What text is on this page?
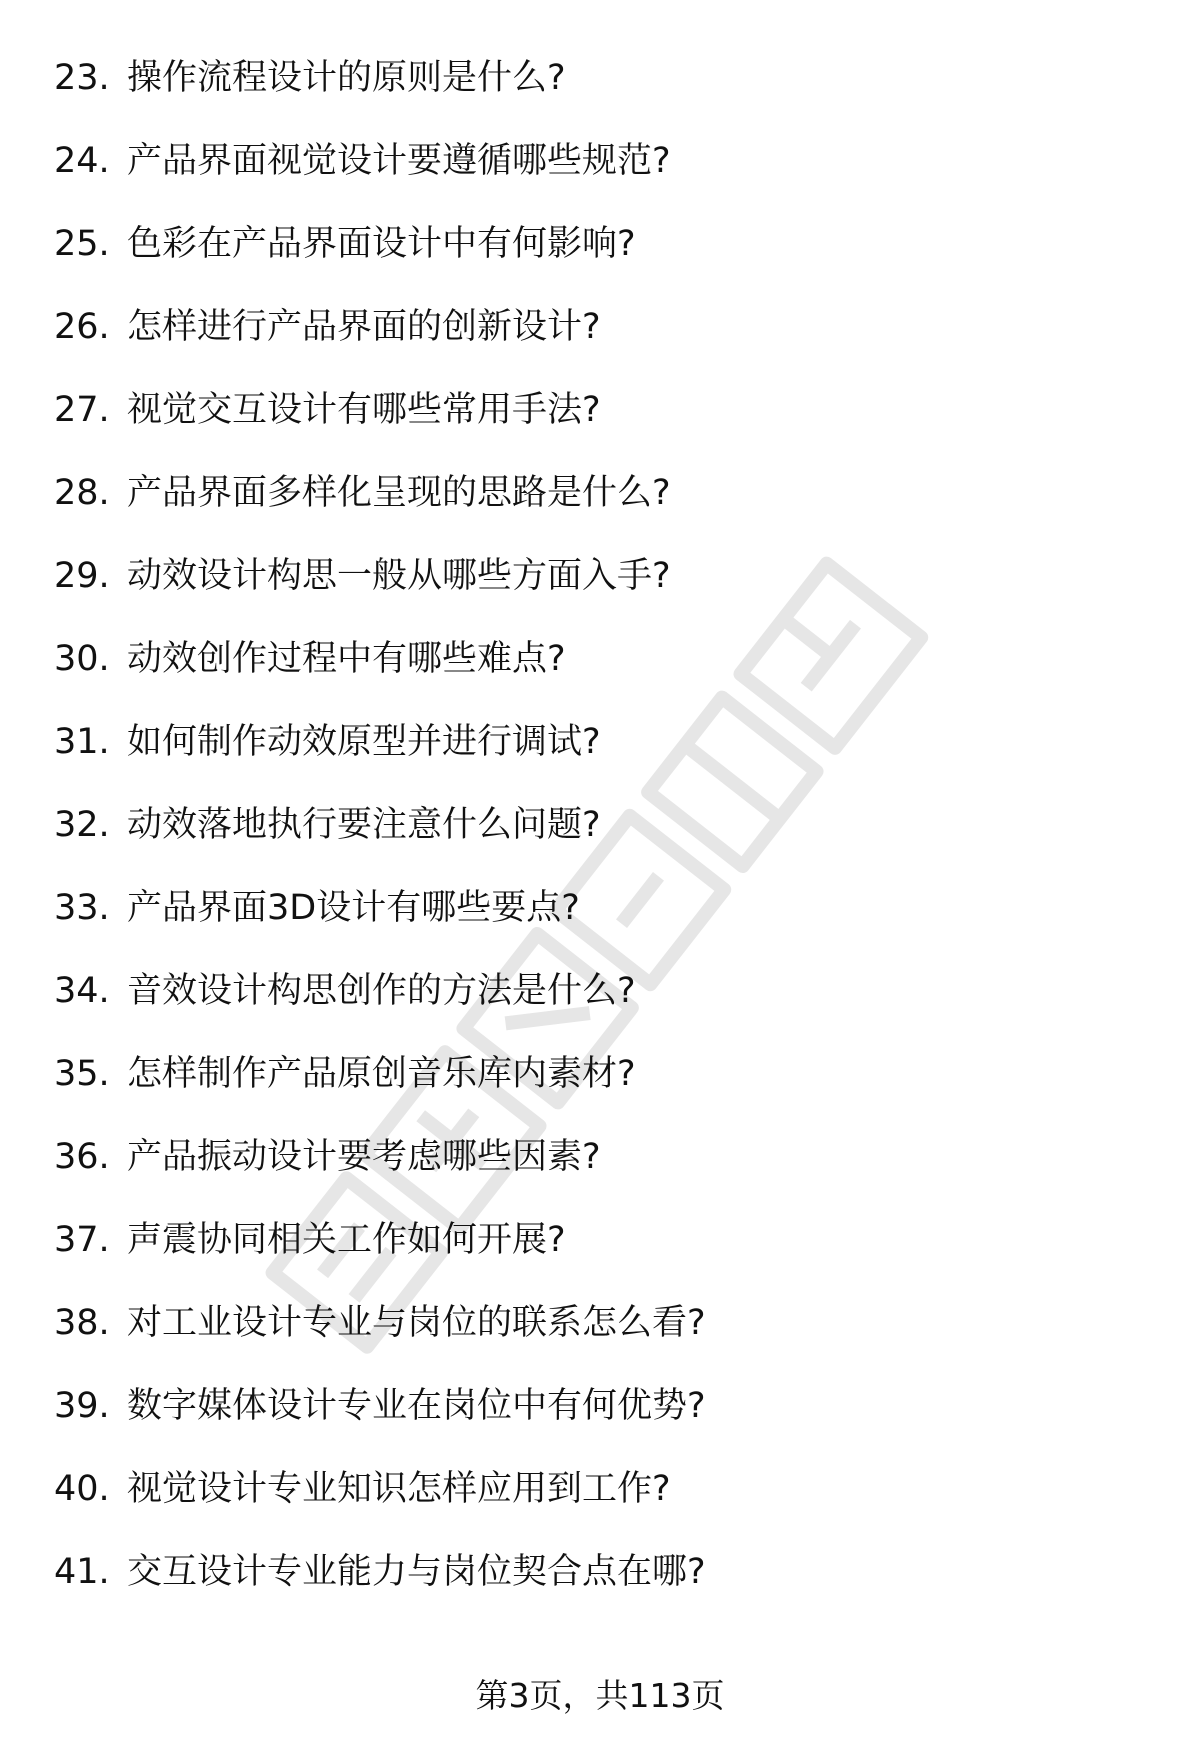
23. 操作流程设计的原则是什么?
24. 产品界面视觉设计要遵循哪些规范?
25. 色彩在产品界面设计中有何影响?
26. 怎样进行产品界面的创新设计?
27. 视觉交互设计有哪些常用手法?
28. 产品界面多样化呈现的思路是什么?
29. 动效设计构思一般从哪些方面入手?
30. 动效创作过程中有哪些难点?
31. 如何制作动效原型并进行调试?
32. 动效落地执行要注意什么问题?
33. 产品界面3D设计有哪些要点?
34. 音效设计构思创作的方法是什么?
35. 怎样制作产品原创音乐库内素材?
36. 产品振动设计要考虑哪些因素?
37. 声震协同相关工作如何开展?
38. 对工业设计专业与岗位的联系怎么看?
39. 数字媒体设计专业在岗位中有何优势?
40. 视觉设计专业知识怎样应用到工作?
41. 交互设计专业能力与岗位契合点在哪?
第3页，共113页
